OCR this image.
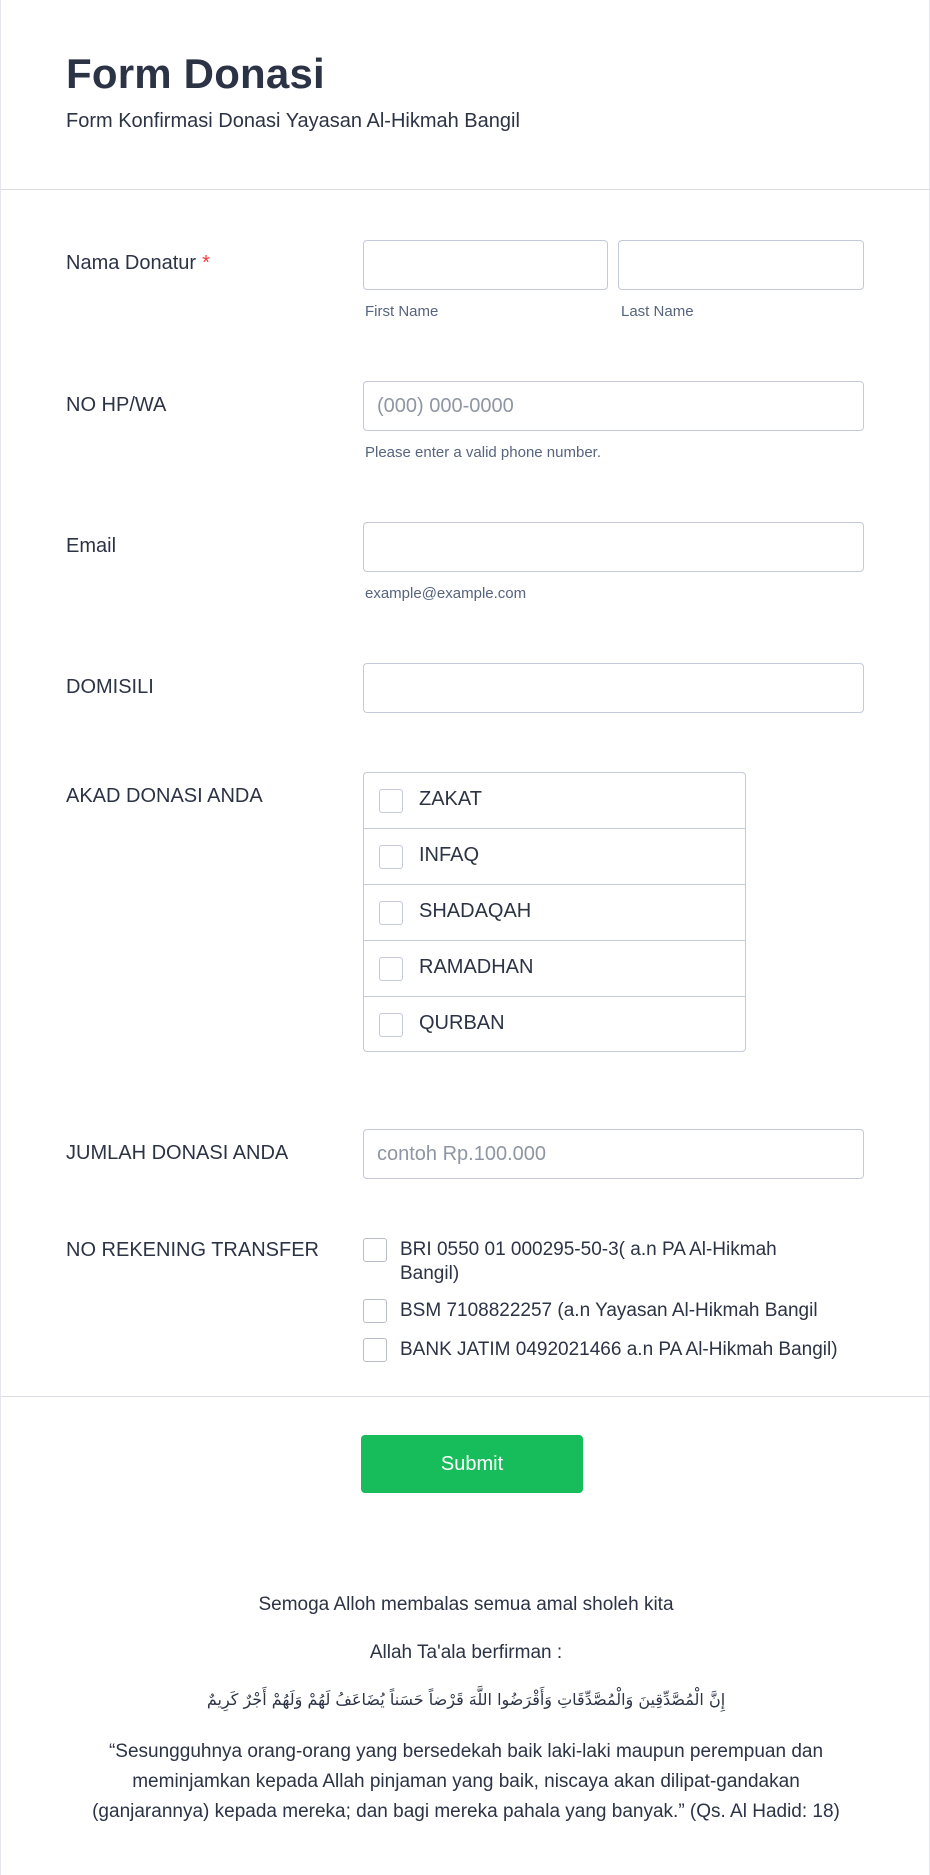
Form Donasi
Form Konfirmasi Donasi Yayasan Al-Hikmah Bangil
Nama Donatur *
First Name	Last Name
NO HP/WA
(000) 000-0000
Please enter a valid phone number.
Email
example@example.com
DOMISILI
AKAD DONASI ANDA	ZAKAT
INFAQ
SHADAQAH
RAMADHAN
QURBAN
JUMLAH DONASI ANDA
contoh Rp.100.000
NO REKENING TRANSFER	BRI 0550 01 000295-50-3( a.n PA Al-Hikmah Bangil)
BSM 7108822257 (a.n Yayasan Al-Hikmah Bangil
BANK JATIM 0492021466 a.n PA Al-Hikmah Bangil)
Submit
Semoga Alloh membalas semua amal sholeh kita
Allah Ta'ala berfirman :
إِنَّ الْمُصَّدِّقِينَ وَالْمُصَّدِّقَاتِ وَأَقْرَضُوا اللَّهَ قَرْضاً حَسَناً يُضَاعَفُ لَهُمْ وَلَهُمْ أَجْرٌ كَرِيمٌ
“Sesungguhnya orang-orang yang bersedekah baik laki-laki maupun perempuan dan meminjamkan kepada Allah pinjaman yang baik, niscaya akan dilipat-gandakan (ganjarannya) kepada mereka; dan bagi mereka pahala yang banyak.” (Qs. Al Hadid: 18)
